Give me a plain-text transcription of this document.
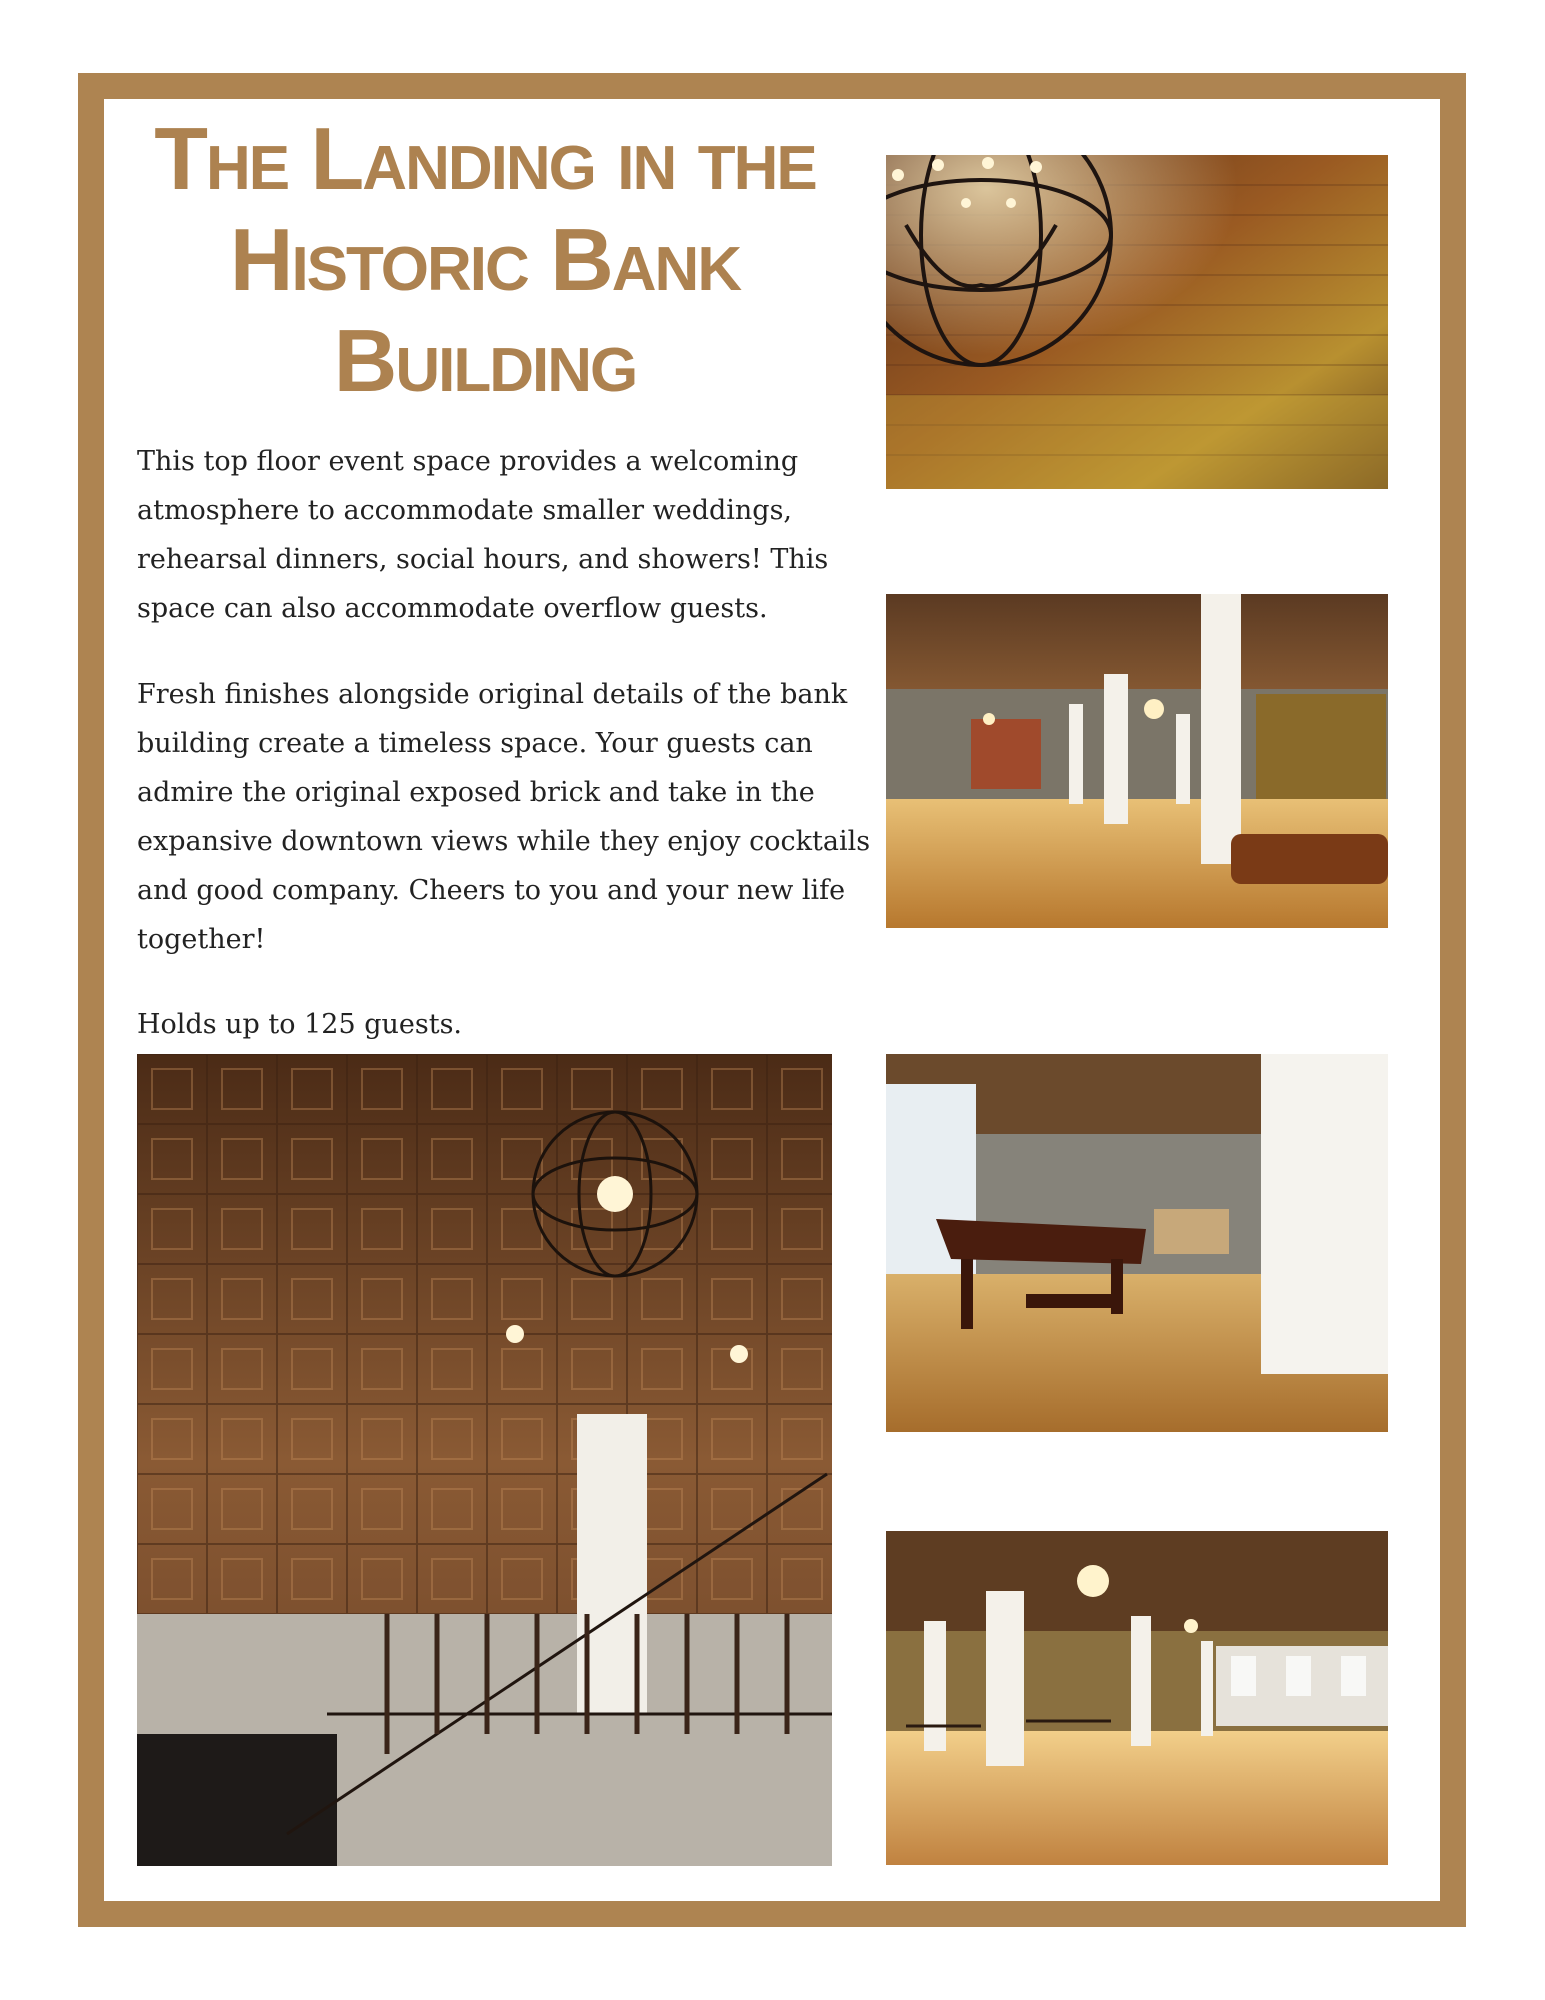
The Landing in the Historic Bank Building

This top floor event space provides a welcoming atmosphere to accommodate smaller weddings, rehearsal dinners, social hours, and showers! This space can also accommodate overflow guests.

Fresh finishes alongside original details of the bank building create a timeless space. Your guests can admire the original exposed brick and take in the expansive downtown views while they enjoy cocktails and good company. Cheers to you and your new life together!

Holds up to 125 guests.
